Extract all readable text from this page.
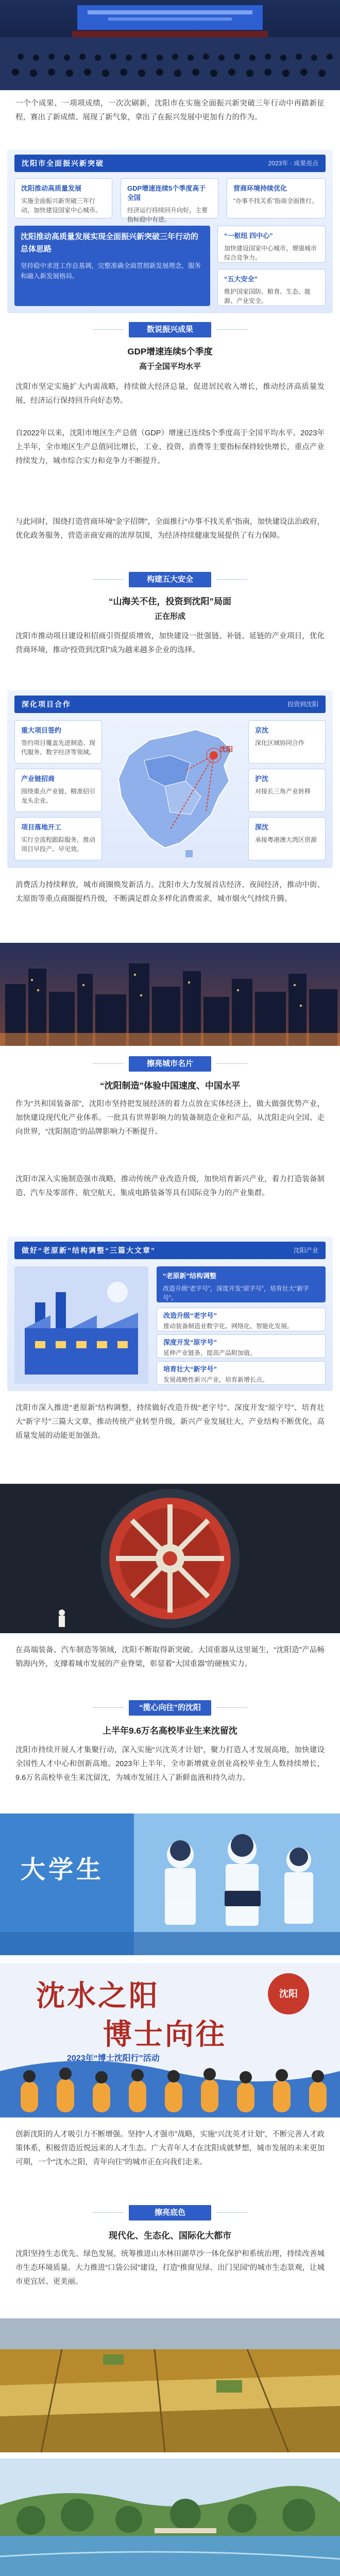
一个个成果、一项项成绩，一次次刷新，沈阳市在实施全面振兴新突破三年行动中再踏新征程，赛出了新成绩、展现了新气象，拿出了在振兴发展中更加有力的作为。

沈阳市全面振兴新突破	2023年 · 成果亮点
沈阳推动高质量发展
实施全面振兴新突破三年行动，加快建设国家中心城市。
GDP增速连续5个季度高于全国
经济运行持续回升向好，主要指标稳中有进。
营商环境持续优化
“办事不找关系”指南全面推行。
沈阳推动高质量发展实现全面振兴新突破三年行动的总体思路
坚持稳中求进工作总基调，完整准确全面贯彻新发展理念，服务和融入新发展格局。
“一枢纽 四中心”
加快建设国家中心城市，增强城市综合竞争力。
“五大安全”
维护国家国防、粮食、生态、能源、产业安全。
数说振兴成果

GDP增速连续5个季度

高于全国平均水平

沈阳市坚定实施扩大内需战略，持续做大经济总量，促进居民收入增长，推动经济高质量发展，经济运行保持回升向好态势。

自2022年以来，沈阳市地区生产总值（GDP）增速已连续5个季度高于全国平均水平。2023年上半年，全市地区生产总值同比增长，工业、投资、消费等主要指标保持较快增长，重点产业持续发力，城市综合实力和竞争力不断提升。

与此同时，围绕打造营商环境“金字招牌”，全面推行“办事不找关系”指南，加快建设法治政府，优化政务服务，营造亲商安商的浓厚氛围，为经济持续健康发展提供了有力保障。

构建五大安全

“山海关不住，投资到沈阳”局面

正在形成

沈阳市推动项目建设和招商引资提质增效，加快建设一批强链、补链、延链的产业项目，优化营商环境，推动“投资到沈阳”成为越来越多企业的选择。

深化项目合作	投资到沈阳
重大项目签约
签约项目覆盖先进制造、现代服务、数字经济等领域。
产业链招商
围绕重点产业链，精准招引龙头企业。
项目落地开工
实行全流程跟踪服务，推动项目早投产、早见效。
沈阳
京沈
深化区域协同合作
沪沈
对接长三角产业转移
深沈
承接粤港澳大湾区资源

消费活力持续释放，城市商圈焕发新活力。沈阳市大力发展首店经济、夜间经济，推动中街、太原街等重点商圈提档升级，不断满足群众多样化消费需求，城市烟火气持续升腾。

擦亮城市名片

“沈阳制造”体验中国速度、中国水平

作为“共和国装备部”，沈阳市坚持把发展经济的着力点放在实体经济上，做大做强优势产业，加快建设现代化产业体系。一批具有世界影响力的装备制造企业和产品，从沈阳走向全国、走向世界，“沈阳制造”的品牌影响力不断提升。

沈阳市深入实施制造强市战略，推动传统产业改造升级，加快培育新兴产业，着力打造装备制造、汽车及零部件、航空航天、集成电路装备等具有国际竞争力的产业集群。

做好“老原新”结构调整“三篇大文章”	沈阳产业
“老原新”结构调整
改造升级“老字号”，深度开发“原字号”，培育壮大“新字号”。
改造升级“老字号”
推动装备制造业数字化、网络化、智能化发展。
深度开发“原字号”
延伸产业链条，提高产品附加值。
培育壮大“新字号”
发展战略性新兴产业，培育新增长点。

沈阳市深入推进“老原新”结构调整，持续做好改造升级“老字号”、深度开发“原字号”、培育壮大“新字号”三篇大文章，推动传统产业转型升级，新兴产业发展壮大，产业结构不断优化，高质量发展的动能更加强劲。

在高端装备、汽车制造等领域，沈阳不断取得新突破。大国重器从这里诞生，“沈阳造”产品畅销海内外，支撑着城市发展的产业脊梁，彰显着“大国重器”的硬核实力。

“揽心向往”的沈阳

上半年9.6万名高校毕业生来沈留沈

沈阳市持续开展人才集聚行动，深入实施“兴沈英才计划”，聚力打造人才发展高地，加快建设全国性人才中心和创新高地。2023年上半年，全市新增就业创业高校毕业生人数持续增长，9.6万名高校毕业生来沈留沈，为城市发展注入了新鲜血液和持久动力。

大学生
沈水之阳
博士向往
2023年“博士沈阳行”活动
沈阳

创新沈阳的人才吸引力不断增强。坚持“人才强市”战略，实施“兴沈英才计划”，不断完善人才政策体系，积极营造近悦远来的人才生态。广大青年人才在沈阳成就梦想，城市发展的未来更加可期，一个“沈水之阳，青年向往”的城市正在向我们走来。

擦亮底色

现代化、生态化、国际化大都市

沈阳坚持生态优先、绿色发展，统筹推进山水林田湖草沙一体化保护和系统治理，持续改善城市生态环境质量。大力推进“口袋公园”建设，打造“推窗见绿、出门见园”的城市生态景观，让城市更宜居、更美丽。
